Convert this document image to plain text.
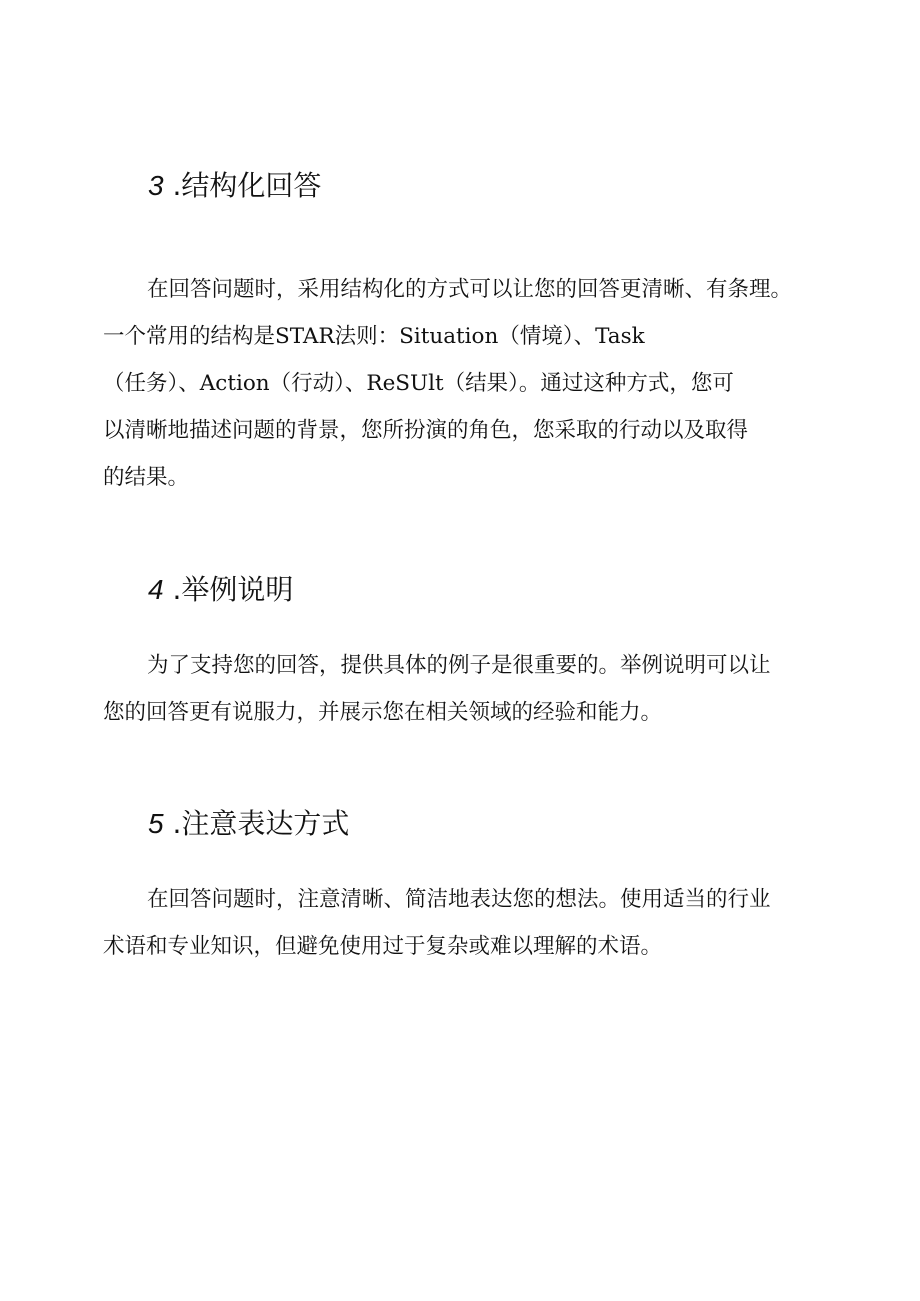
3 .结构化回答
在回答问题时，采用结构化的方式可以让您的回答更清晰、有条理。
一个常用的结构是STAR法则：Situation（情境）、Task
（任务）、Action（行动）、ReSUlt（结果）。通过这种方式，您可
以清晰地描述问题的背景，您所扮演的角色，您采取的行动以及取得
的结果。
4 .举例说明
为了支持您的回答，提供具体的例子是很重要的。举例说明可以让
您的回答更有说服力，并展示您在相关领域的经验和能力。
5 .注意表达方式
在回答问题时，注意清晰、简洁地表达您的想法。使用适当的行业
术语和专业知识，但避免使用过于复杂或难以理解的术语。
